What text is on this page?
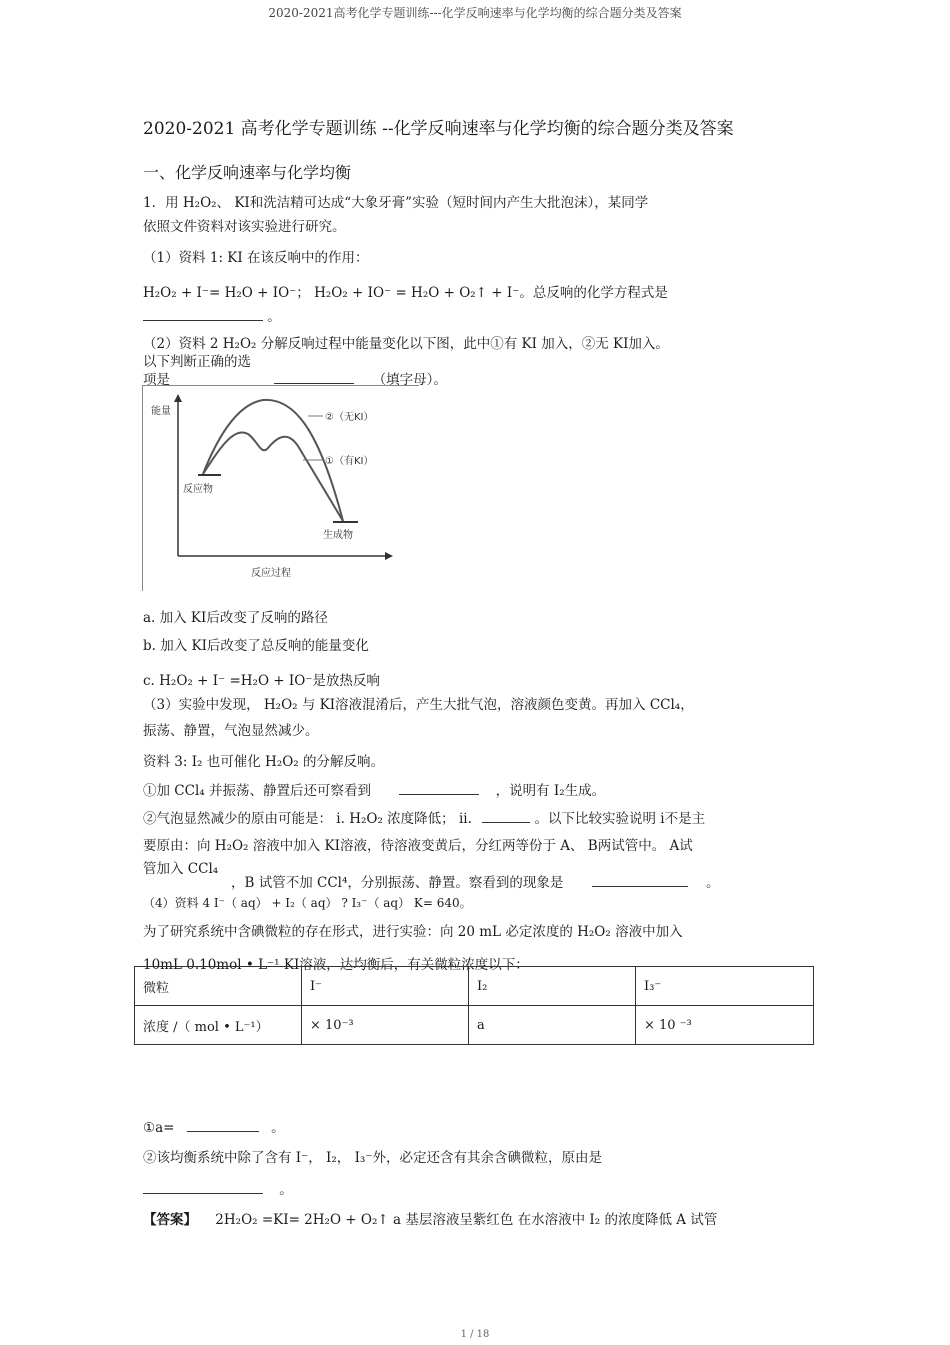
2020-2021高考化学专题训练---化学反响速率与化学均衡的综合题分类及答案
2020-2021 高考化学专题训练 --化学反响速率与化学均衡的综合题分类及答案
一、化学反响速率与化学均衡
1．用 H₂O₂、 KI和洗洁精可达成“大象牙膏”实验（短时间内产生大批泡沫），某同学
依照文件资料对该实验进行研究。
（1）资料 1: KI 在该反响中的作用：
H₂O₂ + I⁻= H₂O + IO⁻； H₂O₂ + IO⁻ = H₂O + O₂↑ + I⁻。总反响的化学方程式是
。
（2）资料 2 H₂O₂ 分解反响过程中能量变化以下图，此中①有 KI 加入，②无 KI加入。
以下判断正确的选
项是	（填字母）。
能量
②（无KI）
①（有KI）
反应物
生成物
反应过程
a. 加入 KI后改变了反响的路径
b. 加入 KI后改变了总反响的能量变化
c. H₂O₂ + I⁻ =H₂O + IO⁻是放热反响
（3）实验中发现， H₂O₂ 与 KI溶液混淆后，产生大批气泡，溶液颜色变黄。再加入 CCl₄，
振荡、静置，气泡显然减少。
资料 3: I₂ 也可催化 H₂O₂ 的分解反响。
①加 CCl₄ 并振荡、静置后还可察看到	，说明有 I₂生成。
②气泡显然减少的原由可能是： i. H₂O₂ 浓度降低； ii.	。以下比较实验说明 i不是主
要原由：向 H₂O₂ 溶液中加入 KI溶液，待溶液变黄后，分红两等份于 A、 B两试管中。 A试
管加入 CCl₄
，B 试管不加 CCl⁴，分别振荡、静置。察看到的现象是	。
（4）资料 4 I⁻（ aq） + I₂（ aq） ? I₃⁻（ aq） K= 640。
为了研究系统中含碘微粒的存在形式，进行实验：向 20 mL 必定浓度的 H₂O₂ 溶液中加入
10mL 0.10mol • L⁻¹ KI溶液，达均衡后，有关微粒浓度以下：
微粒	I⁻	I₂	I₃⁻
浓度 /（ mol • L⁻¹）	× 10⁻³	a	× 10 ⁻³
①a=	。
②该均衡系统中除了含有 I⁻， I₂， I₃⁻外，必定还含有其余含碘微粒，原由是
。
【答案】 2H₂O₂ =KI= 2H₂O + O₂↑ a 基层溶液呈紫红色 在水溶液中 I₂ 的浓度降低 A 试管
1 / 18
